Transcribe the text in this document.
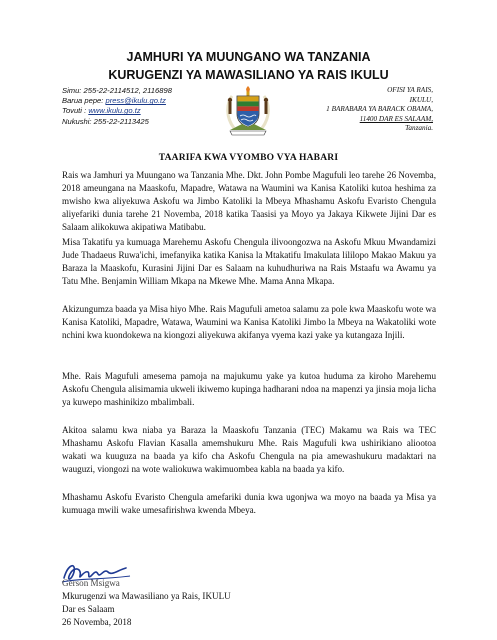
JAMHURI YA MUUNGANO WA TANZANIA
KURUGENZI YA MAWASILIANO YA RAIS IKULU
Simu: 255-22-2114512, 2116898
Barua pepe: press@ikulu.go.tz
Tovuti : www.ikulu.go.tz
Nukushi: 255-22-2113425
OFISI YA RAIS,
IKULU,
1 BARABARA YA BARACK OBAMA,
11400 DAR ES SALAAM,
Tanzania.
TAARIFA KWA VYOMBO VYA HABARI

Rais wa Jamhuri ya Muungano wa Tanzania Mhe. Dkt. John Pombe Magufuli leo tarehe 26 Novemba, 2018 ameungana na Maaskofu, Mapadre, Watawa na Waumini wa Kanisa Katoliki kutoa heshima za mwisho kwa aliyekuwa Askofu wa Jimbo Katoliki la Mbeya Mhashamu Askofu Evaristo Chengula aliyefariki dunia tarehe 21 Novemba, 2018 katika Taasisi ya Moyo ya Jakaya Kikwete Jijini Dar es Salaam alikokuwa akipatiwa Matibabu.

Misa Takatifu ya kumuaga Marehemu Askofu Chengula ilivoongozwa na Askofu Mkuu Mwandamizi Jude Thadaeus Ruwa'ichi, imefanyika katika Kanisa la Mtakatifu Imakulata lililopo Makao Makuu ya Baraza la Maaskofu, Kurasini Jijini Dar es Salaam na kuhudhuriwa na Rais Mstaafu wa Awamu ya Tatu Mhe. Benjamin William Mkapa na Mkewe Mhe. Mama Anna Mkapa.

Akizungumza baada ya Misa hiyo Mhe. Rais Magufuli ametoa salamu za pole kwa Maaskofu wote wa Kanisa Katoliki, Mapadre, Watawa, Waumini wa Kanisa Katoliki Jimbo la Mbeya na Wakatoliki wote nchini kwa kuondokewa na kiongozi aliyekuwa akifanya vyema kazi yake ya kutangaza Injili.

Mhe. Rais Magufuli amesema pamoja na majukumu yake ya kutoa huduma za kiroho Marehemu Askofu Chengula alisimamia ukweli ikiwemo kupinga hadharani ndoa na mapenzi ya jinsia moja licha ya kuwepo mashinikizo mbalimbali.

Akitoa salamu kwa niaba ya Baraza la Maaskofu Tanzania (TEC) Makamu wa Rais wa TEC Mhashamu Askofu Flavian Kasalla amemshukuru Mhe. Rais Magufuli kwa ushirikiano aliootoa wakati wa kuuguza na baada ya kifo cha Askofu Chengula na pia amewashukuru madaktari na wauguzi, viongozi na wote waliokuwa wakimuombea kabla na baada ya kifo.

Mhashamu Askofu Evaristo Chengula amefariki dunia kwa ugonjwa wa moyo na baada ya Misa ya kumuaga mwili wake umesafirishwa kwenda Mbeya.

Gerson Msigwa
Mkurugenzi wa Mawasiliano ya Rais, IKULU
Dar es Salaam
26 Novemba, 2018
